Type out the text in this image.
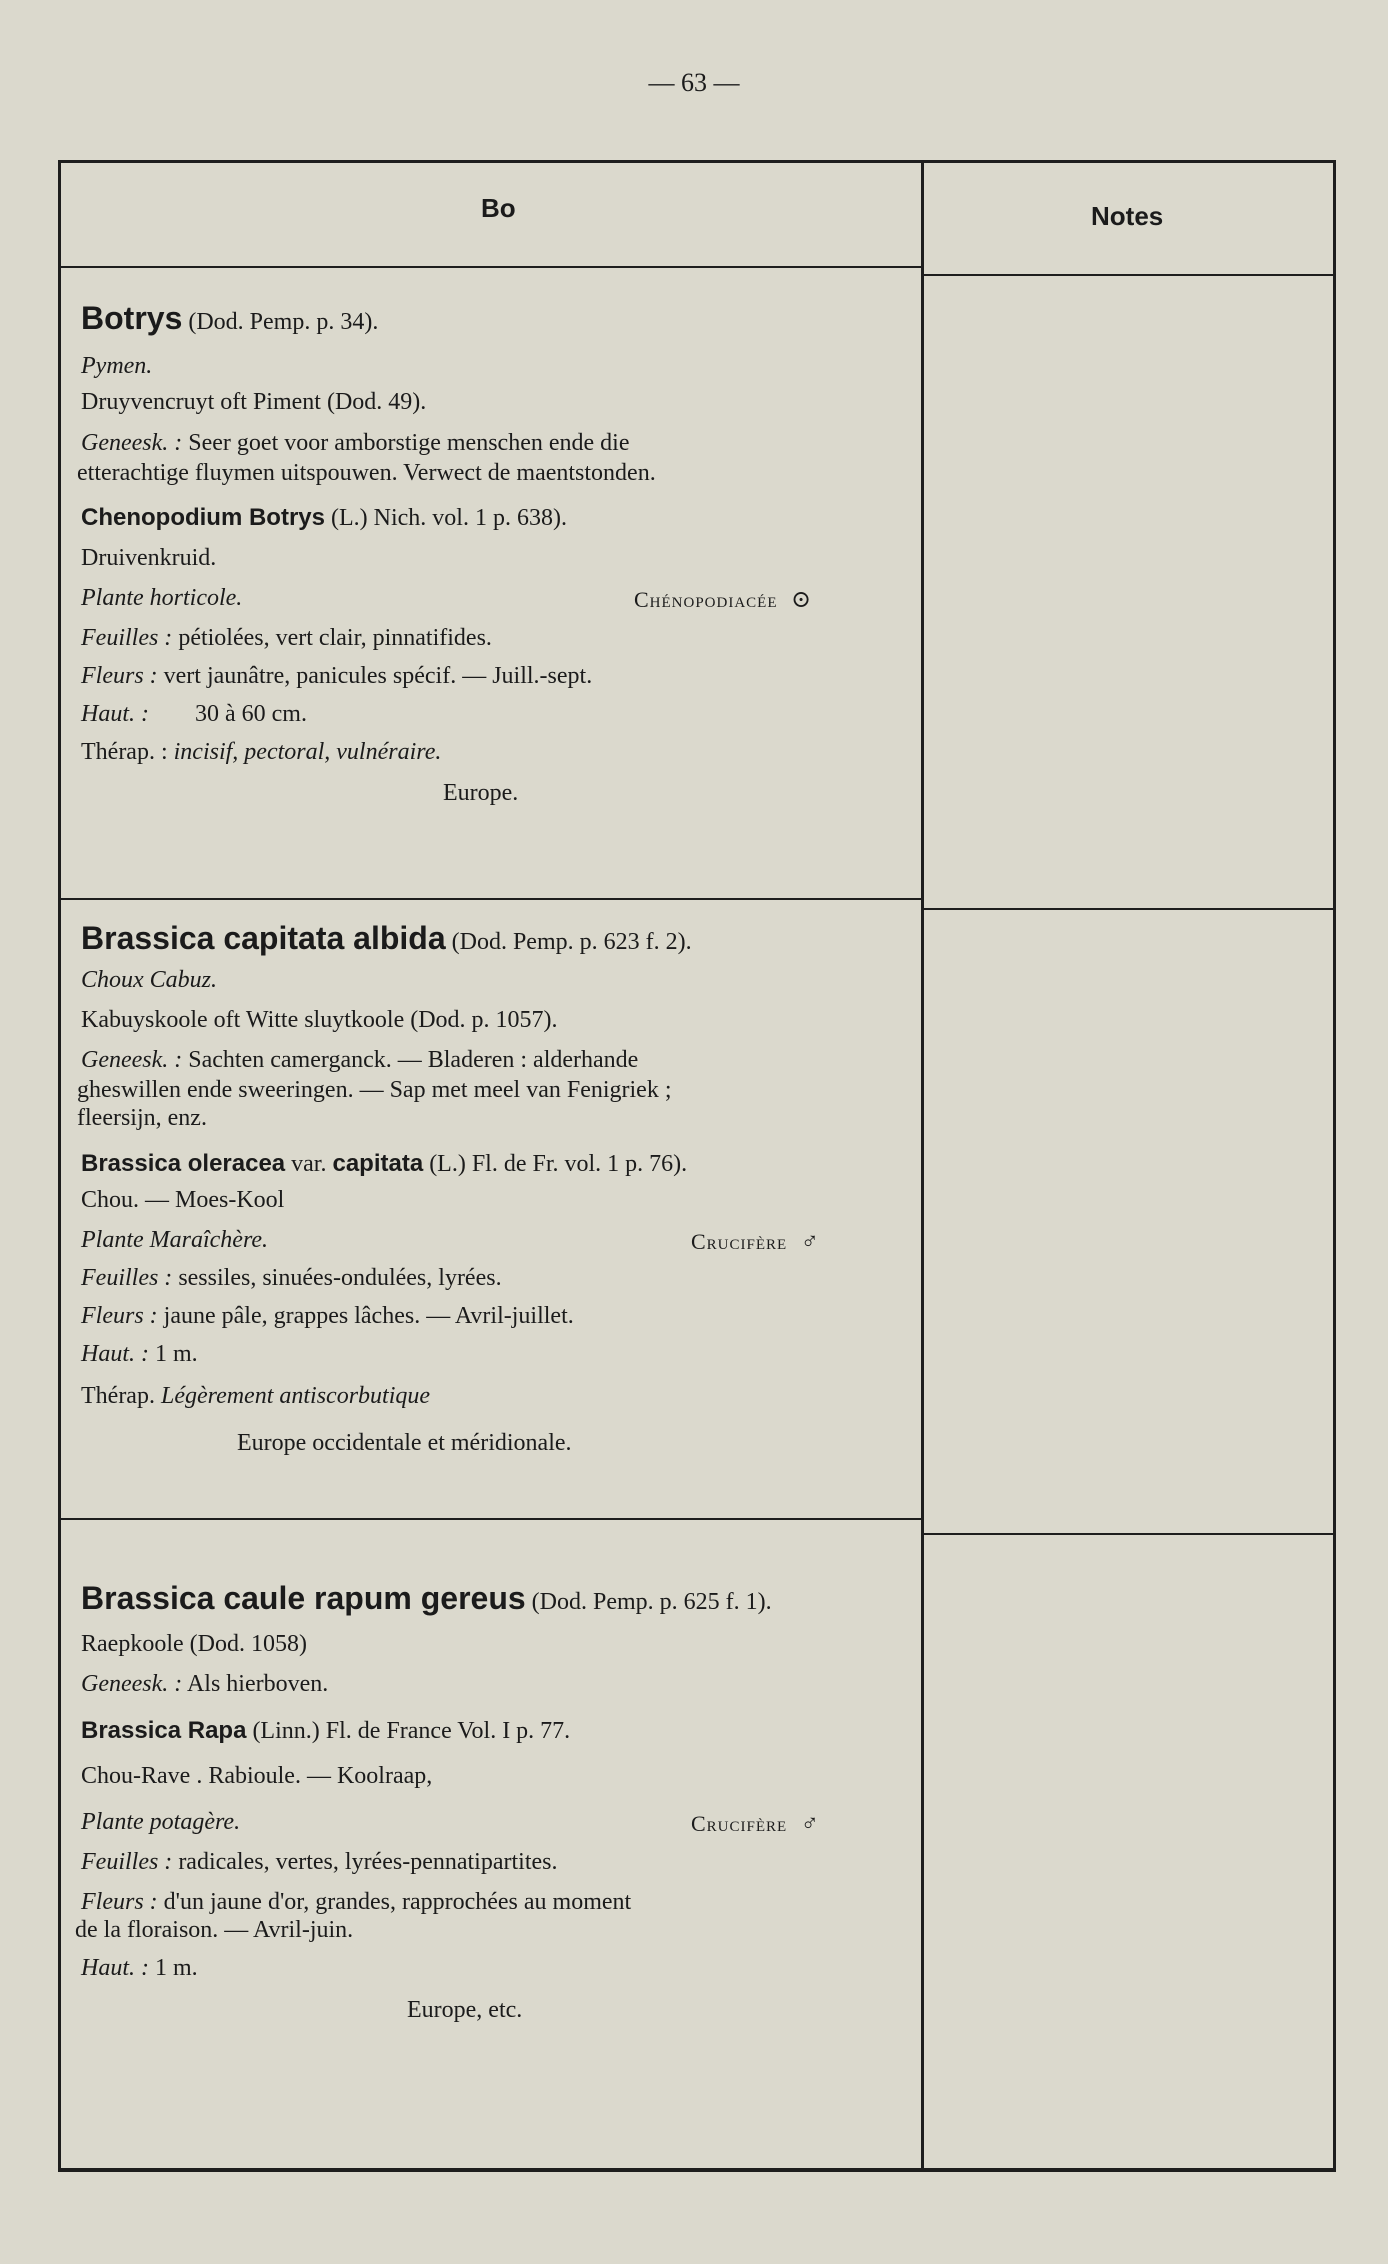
— 63 —
Bo	Notes
Botrys (Dod. Pemp. p. 34).
Pymen.
Druyvencruyt oft Piment (Dod. 49).
Geneesk. : Seer goet voor amborstige menschen ende die
etterachtige fluymen uitspouwen. Verwect de maentstonden.
Chenopodium Botrys (L.) Nich. vol. 1 p. 638).
Druivenkruid.
Plante horticole.	Chénopodiacée ⊙
Feuilles : pétiolées, vert clair, pinnatifides.
Fleurs : vert jaunâtre, panicules spécif. — Juill.-sept.
Haut. : 30 à 60 cm.
Thérap. : incisif, pectoral, vulnéraire.
Europe.
Brassica capitata albida (Dod. Pemp. p. 623 f. 2).
Choux Cabuz.
Kabuyskoole oft Witte sluytkoole (Dod. p. 1057).
Geneesk. : Sachten camerganck. — Bladeren : alderhande
gheswillen ende sweeringen. — Sap met meel van Fenigriek ;
fleersijn, enz.
Brassica oleracea var. capitata (L.) Fl. de Fr. vol. 1 p. 76).
Chou. — Moes-Kool
Plante Maraîchère.	Crucifère ♂
Feuilles : sessiles, sinuées-ondulées, lyrées.
Fleurs : jaune pâle, grappes lâches. — Avril-juillet.
Haut. : 1 m.
Thérap. Légèrement antiscorbutique
Europe occidentale et méridionale.
Brassica caule rapum gereus (Dod. Pemp. p. 625 f. 1).
Raepkoole (Dod. 1058)
Geneesk. : Als hierboven.
Brassica Rapa (Linn.) Fl. de France Vol. I p. 77.
Chou-Rave . Rabioule. — Koolraap,
Plante potagère.	Crucifère ♂
Feuilles : radicales, vertes, lyrées-pennatipartites.
Fleurs : d'un jaune d'or, grandes, rapprochées au moment
de la floraison. — Avril-juin.
Haut. : 1 m.
Europe, etc.
